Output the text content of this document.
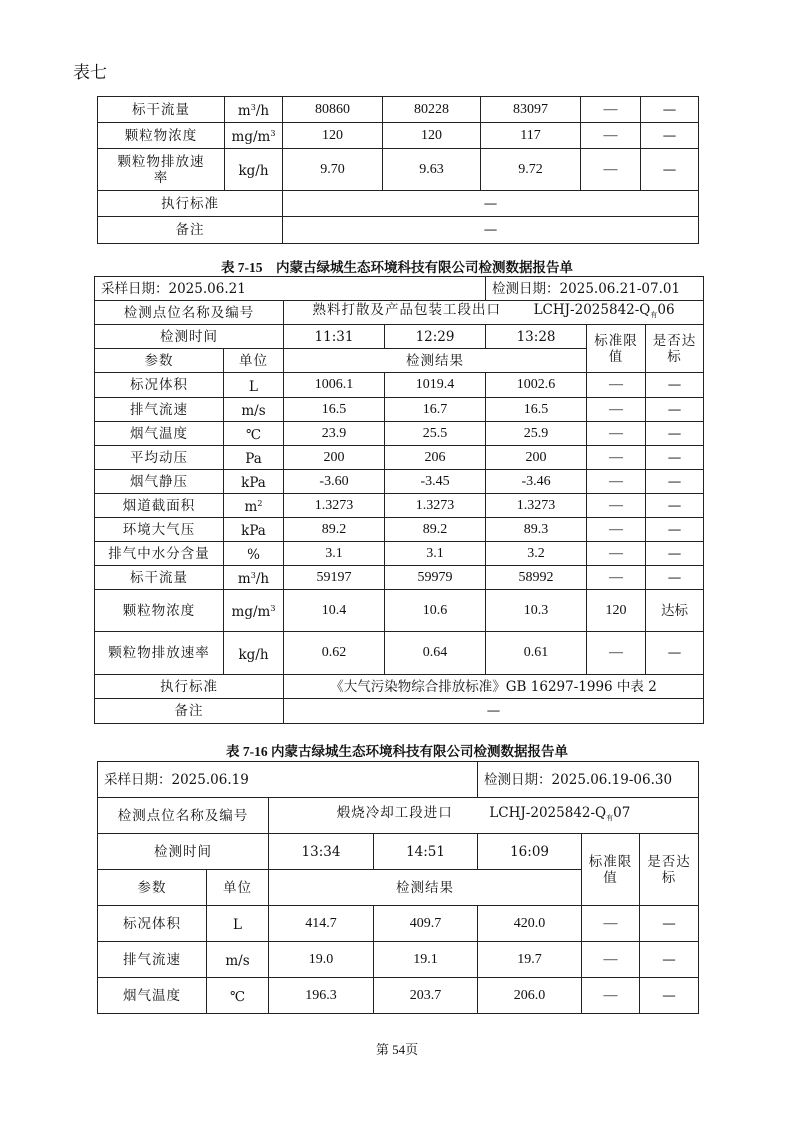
表七
标干流量	$m^3/h$	80860	80228	83097	—	—
颗粒物浓度	$mg/m^3$	120	120	117	—	—
颗粒物排放速率	kg/h	9.70	9.63	9.72	—	—
执行标准		—				
备注		—				
表 7-15　内蒙古绿城生态环境科技有限公司检测数据报告单
采样日期：2025.06.21				检测日期：2025.06.21-07.01		
检测点位名称及编号		熟料打散及产品包装工段出口 LCHJ-$2025842-Q_有06$				
检测时间		11:31	12:29	13:28	标准限值	是否达标
参数	单位	检测结果				
标况体积	L	1006.1	1019.4	1002.6	—	—
排气流速	m/s	16.5	16.7	16.5	—	—
烟气温度	℃	23.9	25.5	25.9	—	—
平均动压	Pa	200	206	200	—	—
烟气静压	kPa	-3.60	-3.45	-3.46	—	—
烟道截面积	$m^2$	1.3273	1.3273	1.3273	—	—
环境大气压	kPa	89.2	89.2	89.3	—	—
排气中水分含量	%	3.1	3.1	3.2	—	—
标干流量	$m^3/h$	59197	59979	58992	—	—
颗粒物浓度	$mg/m^3$	10.4	10.6	10.3	120	达标
颗粒物排放速率	kg/h	0.62	0.64	0.61	—	—
执行标准		《大气污染物综合排放标准》GB 16297-1996 中表 2				
备注		—				
表 7-16 内蒙古绿城生态环境科技有限公司检测数据报告单
采样日期：2025.06.19				检测日期：2025.06.19-06.30		
检测点位名称及编号		煅烧冷却工段进口 LCHJ-$2025842-Q_有07$				
检测时间		13:34	14:51	16:09	标准限值	是否达标
参数	单位	检测结果				
标况体积	L	414.7	409.7	420.0	—	—
排气流速	m/s	19.0	19.1	19.7	—	—
烟气温度	℃	196.3	203.7	206.0	—	—
第 54页
